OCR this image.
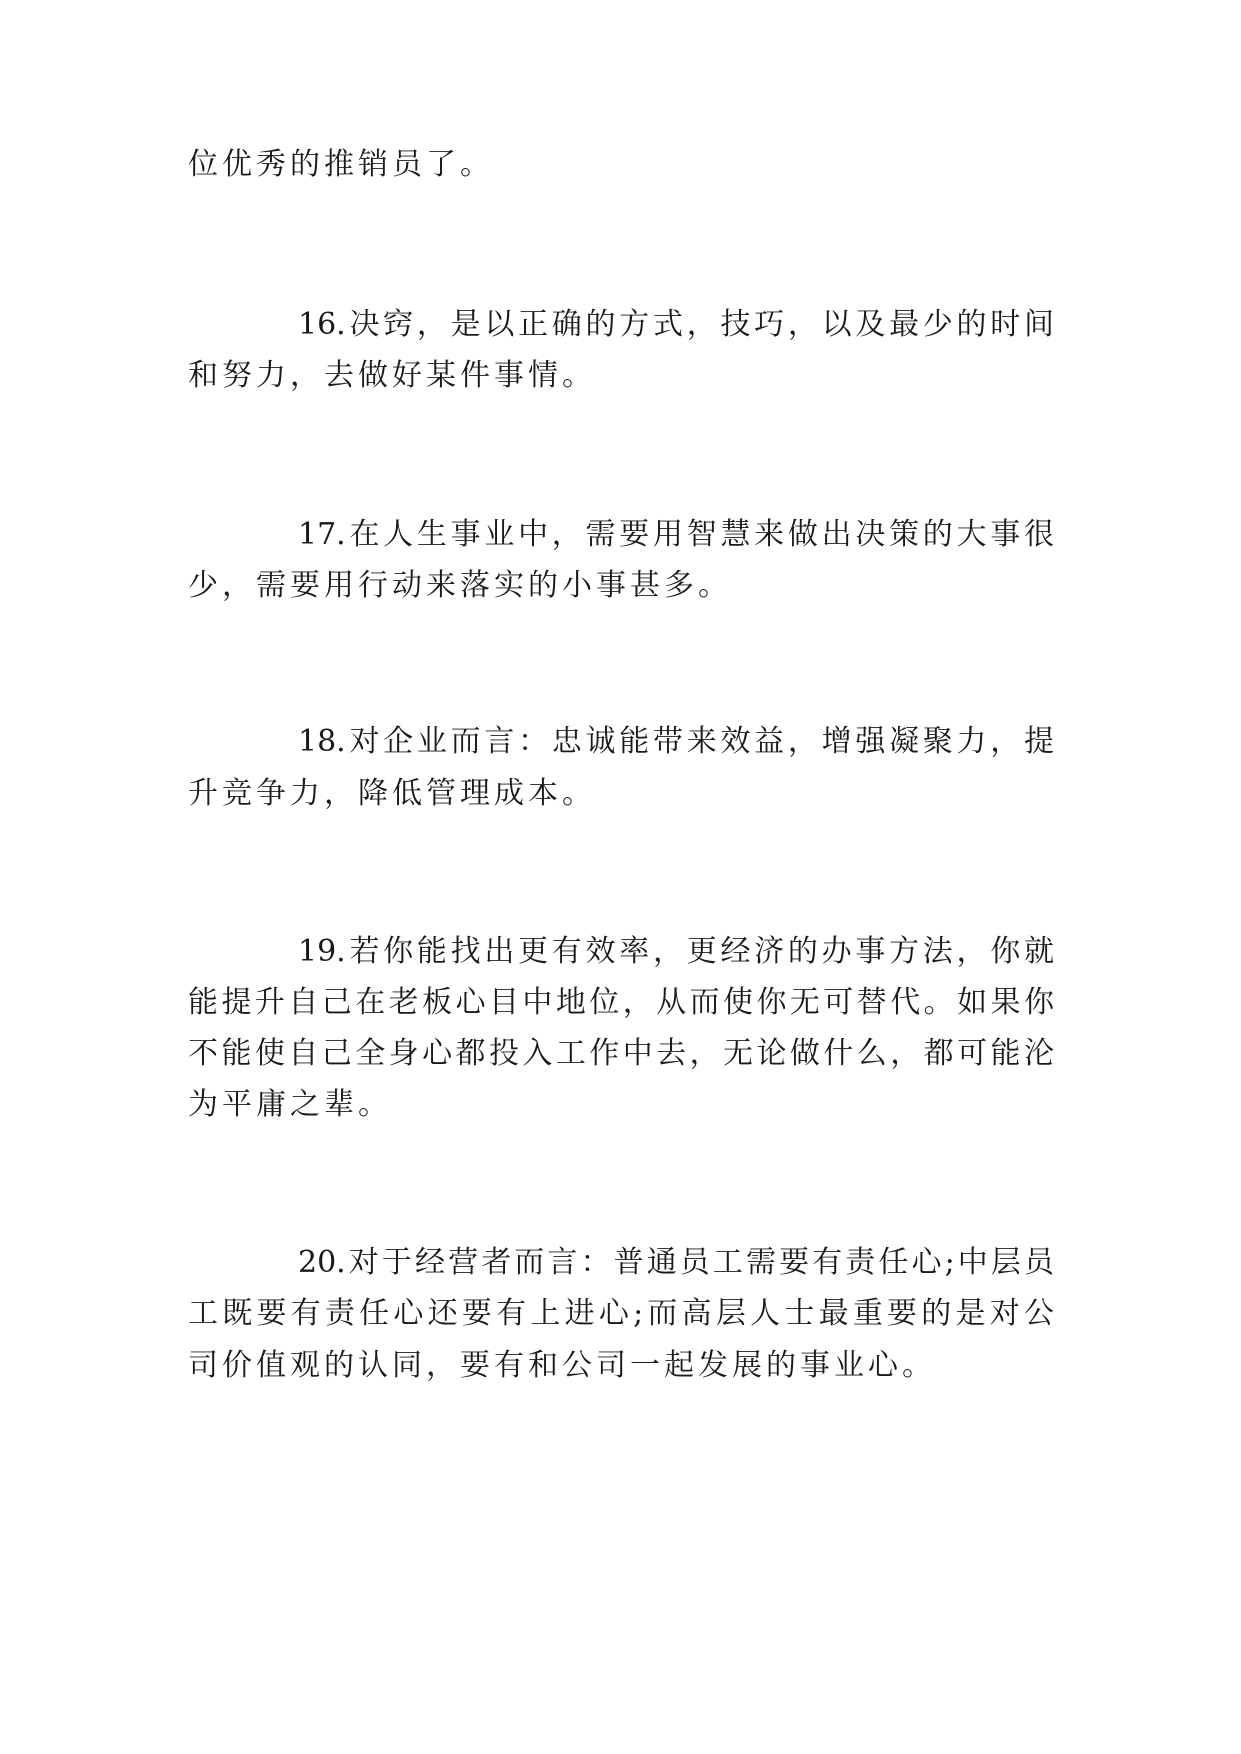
位优秀的推销员了。
16.决窍，是以正确的方式，技巧，以及最少的时间
和努力，去做好某件事情。
17.在人生事业中，需要用智慧来做出决策的大事很
少，需要用行动来落实的小事甚多。
18.对企业而言：忠诚能带来效益，增强凝聚力，提
升竞争力，降低管理成本。
19.若你能找出更有效率，更经济的办事方法，你就
能提升自己在老板心目中地位，从而使你无可替代。如果你
不能使自己全身心都投入工作中去，无论做什么，都可能沦
为平庸之辈。
20.对于经营者而言：普通员工需要有责任心;中层员
工既要有责任心还要有上进心;而高层人士最重要的是对公
司价值观的认同，要有和公司一起发展的事业心。
